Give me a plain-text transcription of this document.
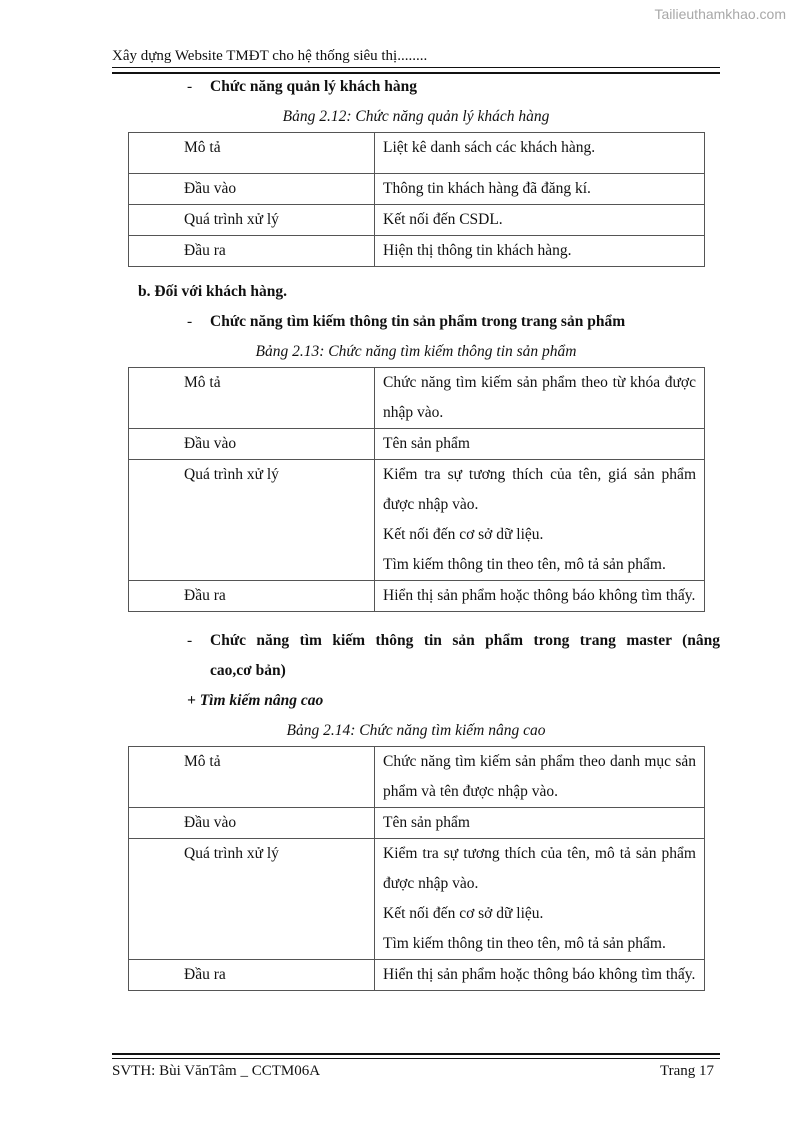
Tailieuthamkhao.com
Xây dựng Website TMĐT cho hệ thống siêu thị........
- Chức năng quản lý khách hàng
Bảng 2.12: Chức năng quản lý khách hàng
Mô tả	Liệt kê danh sách các khách hàng.

Đầu vào	Thông tin khách hàng đã đăng kí.

Quá trình xử lý	Kết nối đến CSDL.

Đầu ra	Hiện thị thông tin khách hàng.
b. Đối với khách hàng.
- Chức năng tìm kiếm thông tin sản phẩm trong trang sản phẩm
Bảng 2.13: Chức năng tìm kiếm thông tin sản phẩm
Mô tả	Chức năng tìm kiếm sản phẩm theo từ khóa được nhập vào.
Đầu vào	Tên sản phẩm
Quá trình xử lý	Kiểm tra sự tương thích của tên, giá sản phẩm được nhập vào.
Kết nối đến cơ sở dữ liệu.
Tìm kiếm thông tin theo tên, mô tả sản phẩm.

Đầu ra	Hiển thị sản phẩm hoặc thông báo không tìm thấy.
- Chức năng tìm kiếm thông tin sản phẩm trong trang master (nâng
cao,cơ bản)
+ Tìm kiếm nâng cao
Bảng 2.14: Chức năng tìm kiếm nâng cao
Mô tả	Chức năng tìm kiếm sản phẩm theo danh mục sản phẩm và tên được nhập vào.
Đầu vào	Tên sản phẩm
Quá trình xử lý	Kiểm tra sự tương thích của tên, mô tả sản phẩm được nhập vào.
Kết nối đến cơ sở dữ liệu.
Tìm kiếm thông tin theo tên, mô tả sản phẩm.

Đầu ra	Hiển thị sản phẩm hoặc thông báo không tìm thấy.
SVTH: Bùi VănTâm _ CCTM06A	Trang 17
